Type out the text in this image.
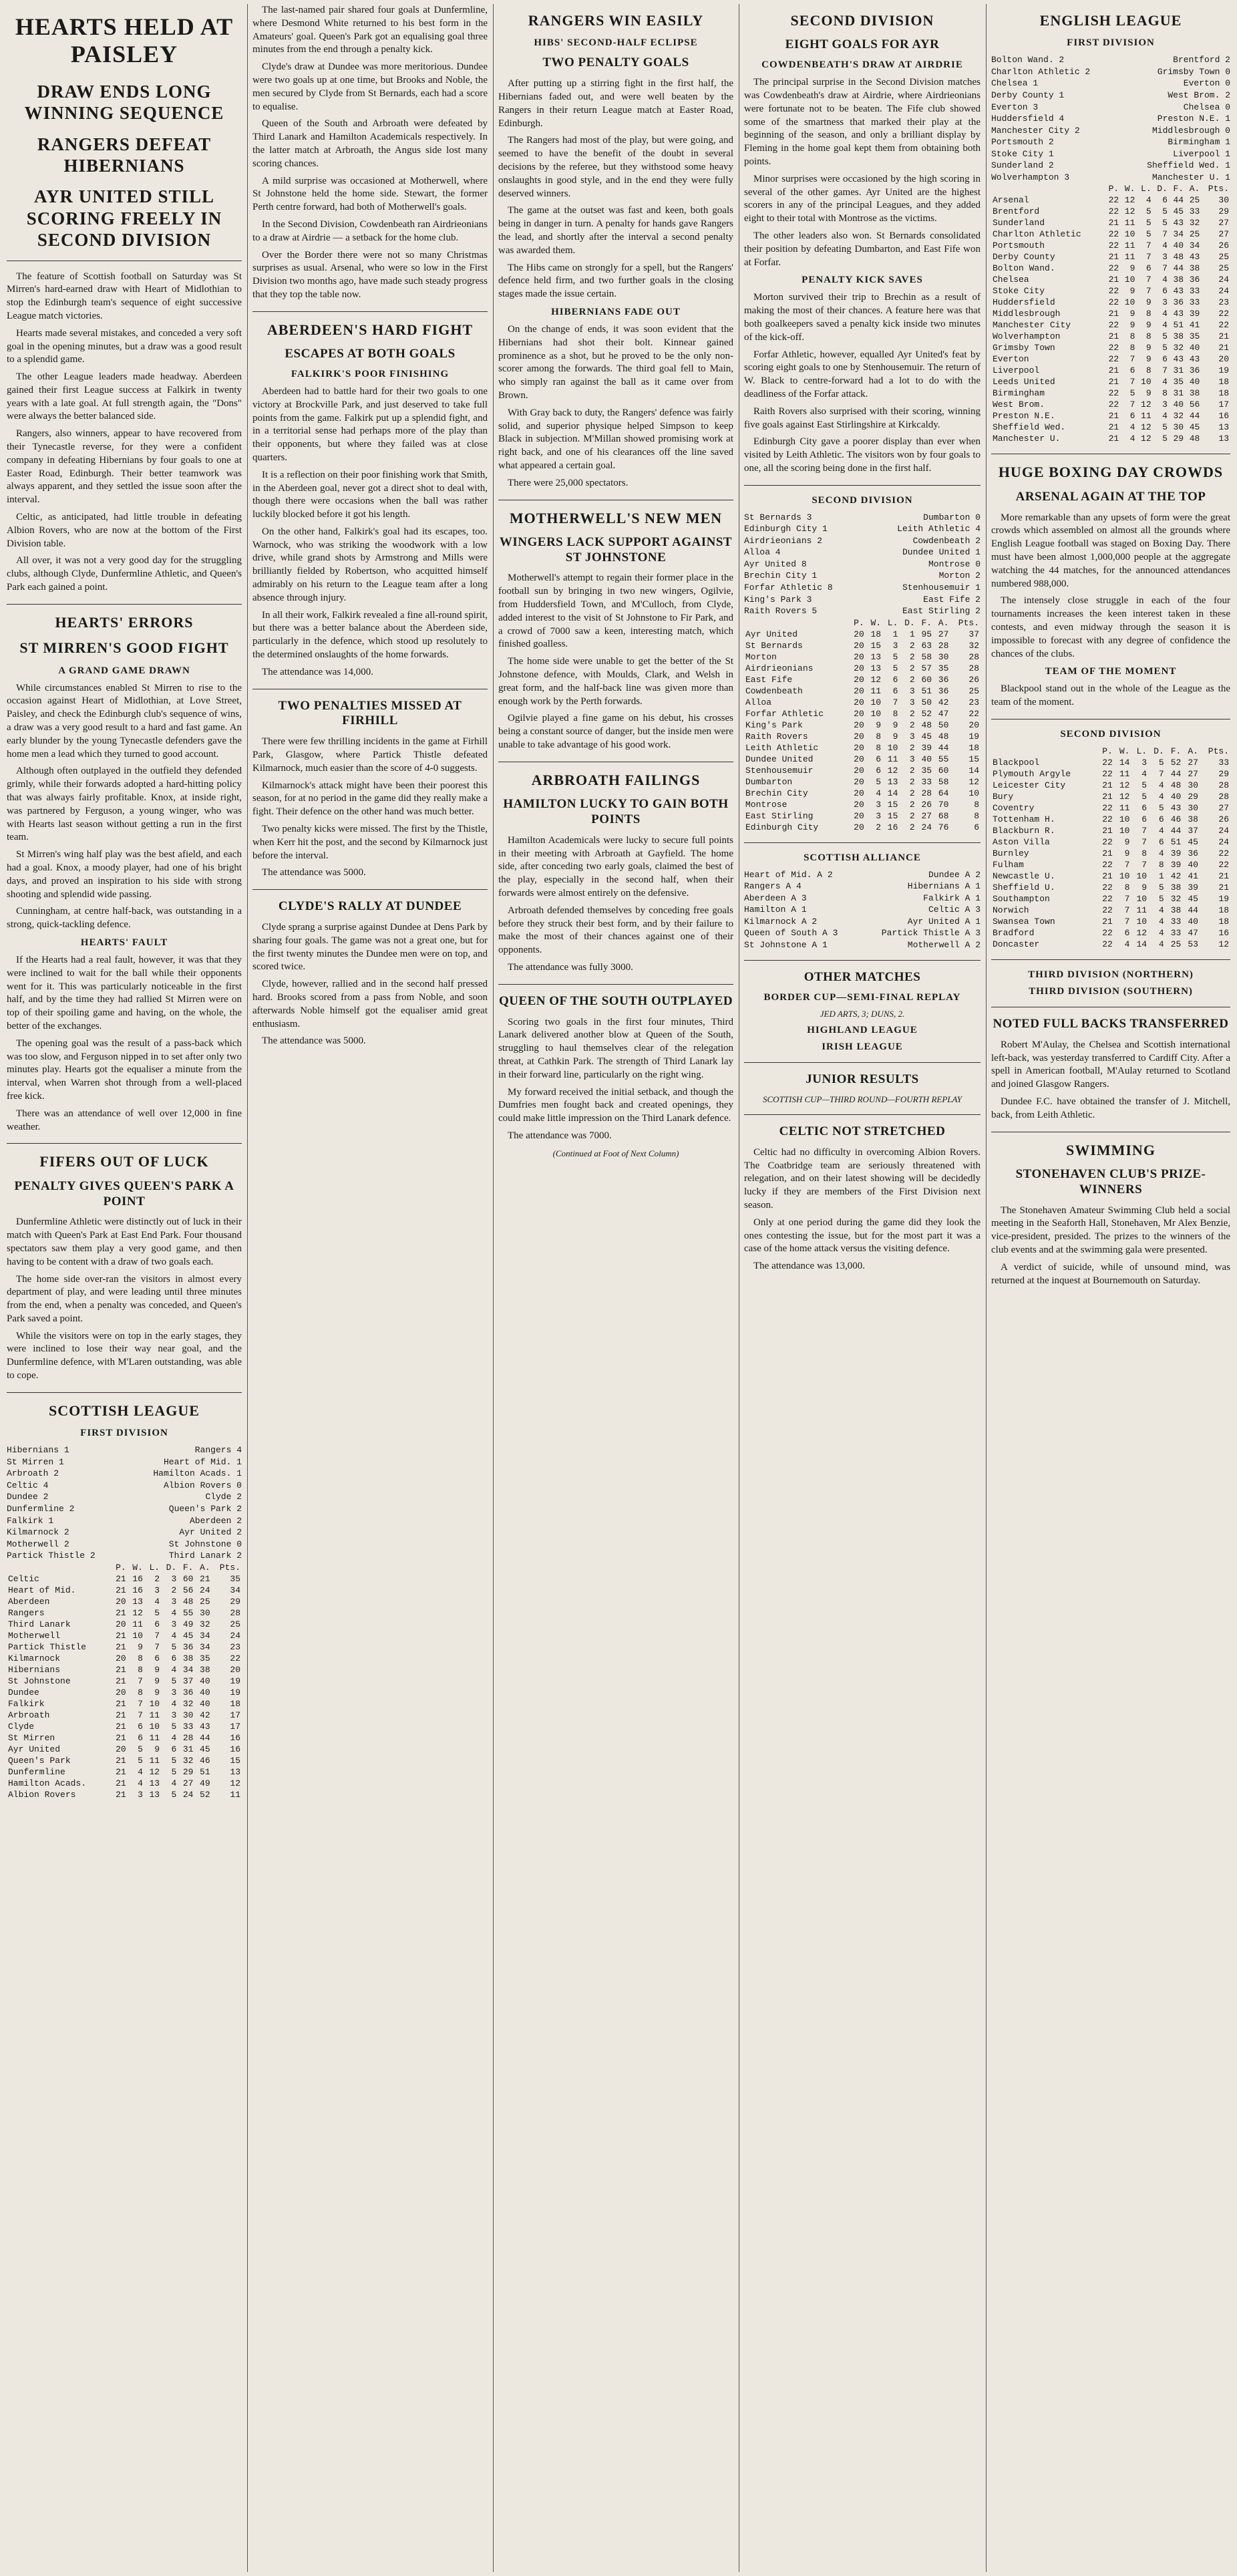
HEARTS HELD AT PAISLEY
DRAW ENDS LONG WINNING SEQUENCE
RANGERS DEFEAT HIBERNIANS
AYR UNITED STILL SCORING FREELY IN SECOND DIVISION

The feature of Scottish football on Saturday was St Mirren's hard-earned draw with Heart of Midlothian to stop the Edinburgh team's sequence of eight successive League match victories.

Hearts made several mistakes, and conceded a very soft goal in the opening minutes, but a draw was a good result to a splendid game.

The other League leaders made headway. Aberdeen gained their first League success at Falkirk in twenty years with a late goal. At full strength again, the "Dons" were always the better balanced side.

Rangers, also winners, appear to have recovered from their Tynecastle reverse, for they were a confident company in defeating Hibernians by four goals to one at Easter Road, Edinburgh. Their better teamwork was always apparent, and they settled the issue soon after the interval.

Celtic, as anticipated, had little trouble in defeating Albion Rovers, who are now at the bottom of the First Division table.

All over, it was not a very good day for the struggling clubs, although Clyde, Dunfermline Athletic, and Queen's Park each gained a point.

HEARTS' ERRORS
ST MIRREN'S GOOD FIGHT
A GRAND GAME DRAWN

While circumstances enabled St Mirren to rise to the occasion against Heart of Midlothian, at Love Street, Paisley, and check the Edinburgh club's sequence of wins, a draw was a very good result to a hard and fast game. An early blunder by the young Tynecastle defenders gave the home men a lead which they turned to good account.

Although often outplayed in the outfield they defended grimly, while their forwards adopted a hard-hitting policy that was always fairly profitable. Knox, at inside right, was partnered by Ferguson, a young winger, who was with Hearts last season without getting a run in the first team.

St Mirren's wing half play was the best afield, and each had a goal. Knox, a moody player, had one of his bright days, and proved an inspiration to his side with strong shooting and splendid wide passing.

Cunningham, at centre half-back, was outstanding in a strong, quick-tackling defence.

HEARTS' FAULT

If the Hearts had a real fault, however, it was that they were inclined to wait for the ball while their opponents went for it. This was particularly noticeable in the first half, and by the time they had rallied St Mirren were on top of their spoiling game and having, on the whole, the better of the exchanges.

The opening goal was the result of a pass-back which was too slow, and Ferguson nipped in to set after only two minutes play. Hearts got the equaliser a minute from the interval, when Warren shot through from a well-placed free kick.

There was an attendance of well over 12,000 in fine weather.

FIFERS OUT OF LUCK
PENALTY GIVES QUEEN'S PARK A POINT

Dunfermline Athletic were distinctly out of luck in their match with Queen's Park at East End Park. Four thousand spectators saw them play a very good game, and then having to be content with a draw of two goals each.

The home side over-ran the visitors in almost every department of play, and were leading until three minutes from the end, when a penalty was conceded, and Queen's Park saved a point.

While the visitors were on top in the early stages, they were inclined to lose their way near goal, and the Dunfermline defence, with M'Laren outstanding, was able to cope.

SCOTTISH LEAGUE
FIRST DIVISION
Hibernians 1	Rangers 4
St Mirren 1	Heart of Mid. 1
Arbroath 2	Hamilton Acads. 1
Celtic 4	Albion Rovers 0
Dundee 2	Clyde 2
Dunfermline 2	Queen's Park 2
Falkirk 1	Aberdeen 2
Kilmarnock 2	Ayr United 2
Motherwell 2	St Johnstone 0
Partick Thistle 2	Third Lanark 2
	P.	W.	L.	D.	F.	A.	Pts.
Celtic	21	16	2	3	60	21	35
Heart of Mid.	21	16	3	2	56	24	34
Aberdeen	20	13	4	3	48	25	29
Rangers	21	12	5	4	55	30	28
Third Lanark	20	11	6	3	49	32	25
Motherwell	21	10	7	4	45	34	24
Partick Thistle	21	9	7	5	36	34	23
Kilmarnock	20	8	6	6	38	35	22
Hibernians	21	8	9	4	34	38	20
St Johnstone	21	7	9	5	37	40	19
Dundee	20	8	9	3	36	40	19
Falkirk	21	7	10	4	32	40	18
Arbroath	21	7	11	3	30	42	17
Clyde	21	6	10	5	33	43	17
St Mirren	21	6	11	4	28	44	16
Ayr United	20	5	9	6	31	45	16
Queen's Park	21	5	11	5	32	46	15
Dunfermline	21	4	12	5	29	51	13
Hamilton Acads.	21	4	13	4	27	49	12
Albion Rovers	21	3	13	5	24	52	11

The last-named pair shared four goals at Dunfermline, where Desmond White returned to his best form in the Amateurs' goal. Queen's Park got an equalising goal three minutes from the end through a penalty kick.

Clyde's draw at Dundee was more meritorious. Dundee were two goals up at one time, but Brooks and Noble, the men secured by Clyde from St Bernards, each had a score to equalise.

Queen of the South and Arbroath were defeated by Third Lanark and Hamilton Academicals respectively. In the latter match at Arbroath, the Angus side lost many scoring chances.

A mild surprise was occasioned at Motherwell, where St Johnstone held the home side. Stewart, the former Perth centre forward, had both of Motherwell's goals.

In the Second Division, Cowdenbeath ran Airdrieonians to a draw at Airdrie — a setback for the home club.

Over the Border there were not so many Christmas surprises as usual. Arsenal, who were so low in the First Division two months ago, have made such steady progress that they top the table now.

ABERDEEN'S HARD FIGHT
ESCAPES AT BOTH GOALS
FALKIRK'S POOR FINISHING

Aberdeen had to battle hard for their two goals to one victory at Brockville Park, and just deserved to take full points from the game. Falkirk put up a splendid fight, and in a territorial sense had perhaps more of the play than their opponents, but where they failed was at close quarters.

It is a reflection on their poor finishing work that Smith, in the Aberdeen goal, never got a direct shot to deal with, though there were occasions when the ball was rather luckily blocked before it got his length.

On the other hand, Falkirk's goal had its escapes, too. Warnock, who was striking the woodwork with a low drive, while grand shots by Armstrong and Mills were brilliantly fielded by Robertson, who acquitted himself admirably on his return to the League team after a long absence through injury.

In all their work, Falkirk revealed a fine all-round spirit, but there was a better balance about the Aberdeen side, particularly in the defence, which stood up resolutely to the determined onslaughts of the home forwards.

The attendance was 14,000.

TWO PENALTIES MISSED AT FIRHILL

There were few thrilling incidents in the game at Firhill Park, Glasgow, where Partick Thistle defeated Kilmarnock, much easier than the score of 4-0 suggests.

Kilmarnock's attack might have been their poorest this season, for at no period in the game did they really make a fight. Their defence on the other hand was much better.

Two penalty kicks were missed. The first by the Thistle, when Kerr hit the post, and the second by Kilmarnock just before the interval.

The attendance was 5000.

CLYDE'S RALLY AT DUNDEE

Clyde sprang a surprise against Dundee at Dens Park by sharing four goals. The game was not a great one, but for the first twenty minutes the Dundee men were on top, and scored twice.

Clyde, however, rallied and in the second half pressed hard. Brooks scored from a pass from Noble, and soon afterwards Noble himself got the equaliser amid great enthusiasm.

The attendance was 5000.

RANGERS WIN EASILY
HIBS' SECOND-HALF ECLIPSE
TWO PENALTY GOALS

After putting up a stirring fight in the first half, the Hibernians faded out, and were well beaten by the Rangers in their return League match at Easter Road, Edinburgh.

The Rangers had most of the play, but were going, and seemed to have the benefit of the doubt in several decisions by the referee, but they withstood some heavy onslaughts in good style, and in the end they were fully deserved winners.

The game at the outset was fast and keen, both goals being in danger in turn. A penalty for hands gave Rangers the lead, and shortly after the interval a second penalty was awarded them.

The Hibs came on strongly for a spell, but the Rangers' defence held firm, and two further goals in the closing stages made the issue certain.

HIBERNIANS FADE OUT

On the change of ends, it was soon evident that the Hibernians had shot their bolt. Kinnear gained prominence as a shot, but he proved to be the only non-scorer among the forwards. The third goal fell to Main, who simply ran against the ball as it came over from Brown.

With Gray back to duty, the Rangers' defence was fairly solid, and superior physique helped Simpson to keep Black in subjection. M'Millan showed promising work at right back, and one of his clearances off the line saved what appeared a certain goal.

There were 25,000 spectators.

MOTHERWELL'S NEW MEN
WINGERS LACK SUPPORT AGAINST ST JOHNSTONE

Motherwell's attempt to regain their former place in the football sun by bringing in two new wingers, Ogilvie, from Huddersfield Town, and M'Culloch, from Clyde, added interest to the visit of St Johnstone to Fir Park, and a crowd of 7000 saw a keen, interesting match, which finished goalless.

The home side were unable to get the better of the St Johnstone defence, with Moulds, Clark, and Welsh in great form, and the half-back line was given more than enough work by the Perth forwards.

Ogilvie played a fine game on his debut, his crosses being a constant source of danger, but the inside men were unable to take advantage of his good work.

ARBROATH FAILINGS
HAMILTON LUCKY TO GAIN BOTH POINTS

Hamilton Academicals were lucky to secure full points in their meeting with Arbroath at Gayfield. The home side, after conceding two early goals, claimed the best of the play, especially in the second half, when their forwards were almost entirely on the defensive.

Arbroath defended themselves by conceding free goals before they struck their best form, and by their failure to make the most of their chances against one of their opponents.

The attendance was fully 3000.

QUEEN OF THE SOUTH OUTPLAYED

Scoring two goals in the first four minutes, Third Lanark delivered another blow at Queen of the South, struggling to haul themselves clear of the relegation threat, at Cathkin Park. The strength of Third Lanark lay in their forward line, particularly on the right wing.

My forward received the initial setback, and though the Dumfries men fought back and created openings, they could make little impression on the Third Lanark defence.

The attendance was 7000.

(Continued at Foot of Next Column)
SECOND DIVISION
EIGHT GOALS FOR AYR
COWDENBEATH'S DRAW AT AIRDRIE

The principal surprise in the Second Division matches was Cowdenbeath's draw at Airdrie, where Airdrieonians were fortunate not to be beaten. The Fife club showed some of the smartness that marked their play at the beginning of the season, and only a brilliant display by Fleming in the home goal kept them from obtaining both points.

Minor surprises were occasioned by the high scoring in several of the other games. Ayr United are the highest scorers in any of the principal Leagues, and they added eight to their total with Montrose as the victims.

The other leaders also won. St Bernards consolidated their position by defeating Dumbarton, and East Fife won at Forfar.

PENALTY KICK SAVES

Morton survived their trip to Brechin as a result of making the most of their chances. A feature here was that both goalkeepers saved a penalty kick inside two minutes of the kick-off.

Forfar Athletic, however, equalled Ayr United's feat by scoring eight goals to one by Stenhousemuir. The return of W. Black to centre-forward had a lot to do with the deadliness of the Forfar attack.

Raith Rovers also surprised with their scoring, winning five goals against East Stirlingshire at Kirkcaldy.

Edinburgh City gave a poorer display than ever when visited by Leith Athletic. The visitors won by four goals to one, all the scoring being done in the first half.

SECOND DIVISION
St Bernards 3	Dumbarton 0
Edinburgh City 1	Leith Athletic 4
Airdrieonians 2	Cowdenbeath 2
Alloa 4	Dundee United 1
Ayr United 8	Montrose 0
Brechin City 1	Morton 2
Forfar Athletic 8	Stenhousemuir 1
King's Park 3	East Fife 2
Raith Rovers 5	East Stirling 2
	P.	W.	L.	D.	F.	A.	Pts.
Ayr United	20	18	1	1	95	27	37
St Bernards	20	15	3	2	63	28	32
Morton	20	13	5	2	58	30	28
Airdrieonians	20	13	5	2	57	35	28
East Fife	20	12	6	2	60	36	26
Cowdenbeath	20	11	6	3	51	36	25
Alloa	20	10	7	3	50	42	23
Forfar Athletic	20	10	8	2	52	47	22
King's Park	20	9	9	2	48	50	20
Raith Rovers	20	8	9	3	45	48	19
Leith Athletic	20	8	10	2	39	44	18
Dundee United	20	6	11	3	40	55	15
Stenhousemuir	20	6	12	2	35	60	14
Dumbarton	20	5	13	2	33	58	12
Brechin City	20	4	14	2	28	64	10
Montrose	20	3	15	2	26	70	8
East Stirling	20	3	15	2	27	68	8
Edinburgh City	20	2	16	2	24	76	6
SCOTTISH ALLIANCE
Heart of Mid. A 2	Dundee A 2
Rangers A 4	Hibernians A 1
Aberdeen A 3	Falkirk A 1
Hamilton A 1	Celtic A 3
Kilmarnock A 2	Ayr United A 1
Queen of South A 3	Partick Thistle A 3
St Johnstone A 1	Motherwell A 2
OTHER MATCHES
BORDER CUP—SEMI-FINAL REPLAY
JED ARTS, 3; DUNS, 2.
HIGHLAND LEAGUE
IRISH LEAGUE
JUNIOR RESULTS
SCOTTISH CUP—THIRD ROUND—FOURTH REPLAY
CELTIC NOT STRETCHED

Celtic had no difficulty in overcoming Albion Rovers. The Coatbridge team are seriously threatened with relegation, and on their latest showing will be decidedly lucky if they are members of the First Division next season.

Only at one period during the game did they look the ones contesting the issue, but for the most part it was a case of the home attack versus the visiting defence.

The attendance was 13,000.

ENGLISH LEAGUE
FIRST DIVISION
Bolton Wand. 2	Brentford 2
Charlton Athletic 2	Grimsby Town 0
Chelsea 1	Everton 0
Derby County 1	West Brom. 2
Everton 3	Chelsea 0
Huddersfield 4	Preston N.E. 1
Manchester City 2	Middlesbrough 0
Portsmouth 2	Birmingham 1
Stoke City 1	Liverpool 1
Sunderland 2	Sheffield Wed. 1
Wolverhampton 3	Manchester U. 1
	P.	W.	L.	D.	F.	A.	Pts.
Arsenal	22	12	4	6	44	25	30
Brentford	22	12	5	5	45	33	29
Sunderland	21	11	5	5	43	32	27
Charlton Athletic	22	10	5	7	34	25	27
Portsmouth	22	11	7	4	40	34	26
Derby County	21	11	7	3	48	43	25
Bolton Wand.	22	9	6	7	44	38	25
Chelsea	21	10	7	4	38	36	24
Stoke City	22	9	7	6	43	33	24
Huddersfield	22	10	9	3	36	33	23
Middlesbrough	21	9	8	4	43	39	22
Manchester City	22	9	9	4	51	41	22
Wolverhampton	21	8	8	5	38	35	21
Grimsby Town	22	8	9	5	32	40	21
Everton	22	7	9	6	43	43	20
Liverpool	21	6	8	7	31	36	19
Leeds United	21	7	10	4	35	40	18
Birmingham	22	5	9	8	31	38	18
West Brom.	22	7	12	3	40	56	17
Preston N.E.	21	6	11	4	32	44	16
Sheffield Wed.	21	4	12	5	30	45	13
Manchester U.	21	4	12	5	29	48	13
HUGE BOXING DAY CROWDS
ARSENAL AGAIN AT THE TOP

More remarkable than any upsets of form were the great crowds which assembled on almost all the grounds where English League football was staged on Boxing Day. There must have been almost 1,000,000 people at the aggregate watching the 44 matches, for the announced attendances numbered 988,000.

The intensely close struggle in each of the four tournaments increases the keen interest taken in these contests, and even midway through the season it is impossible to forecast with any degree of confidence the chances of the clubs.

TEAM OF THE MOMENT

Blackpool stand out in the whole of the League as the team of the moment.

SECOND DIVISION
	P.	W.	L.	D.	F.	A.	Pts.
Blackpool	22	14	3	5	52	27	33
Plymouth Argyle	22	11	4	7	44	27	29
Leicester City	21	12	5	4	48	30	28
Bury	21	12	5	4	40	29	28
Coventry	22	11	6	5	43	30	27
Tottenham H.	22	10	6	6	46	38	26
Blackburn R.	21	10	7	4	44	37	24
Aston Villa	22	9	7	6	51	45	24
Burnley	21	9	8	4	39	36	22
Fulham	22	7	7	8	39	40	22
Newcastle U.	21	10	10	1	42	41	21
Sheffield U.	22	8	9	5	38	39	21
Southampton	22	7	10	5	32	45	19
Norwich	22	7	11	4	38	44	18
Swansea Town	21	7	10	4	33	40	18
Bradford	22	6	12	4	33	47	16
Doncaster	22	4	14	4	25	53	12
THIRD DIVISION (NORTHERN)
THIRD DIVISION (SOUTHERN)
NOTED FULL BACKS TRANSFERRED

Robert M'Aulay, the Chelsea and Scottish international left-back, was yesterday transferred to Cardiff City. After a spell in American football, M'Aulay returned to Scotland and joined Glasgow Rangers.

Dundee F.C. have obtained the transfer of J. Mitchell, back, from Leith Athletic.

SWIMMING
STONEHAVEN CLUB'S PRIZE-WINNERS

The Stonehaven Amateur Swimming Club held a social meeting in the Seaforth Hall, Stonehaven, Mr Alex Benzie, vice-president, presided. The prizes to the winners of the club events and at the swimming gala were presented.

A verdict of suicide, while of unsound mind, was returned at the inquest at Bournemouth on Saturday.
